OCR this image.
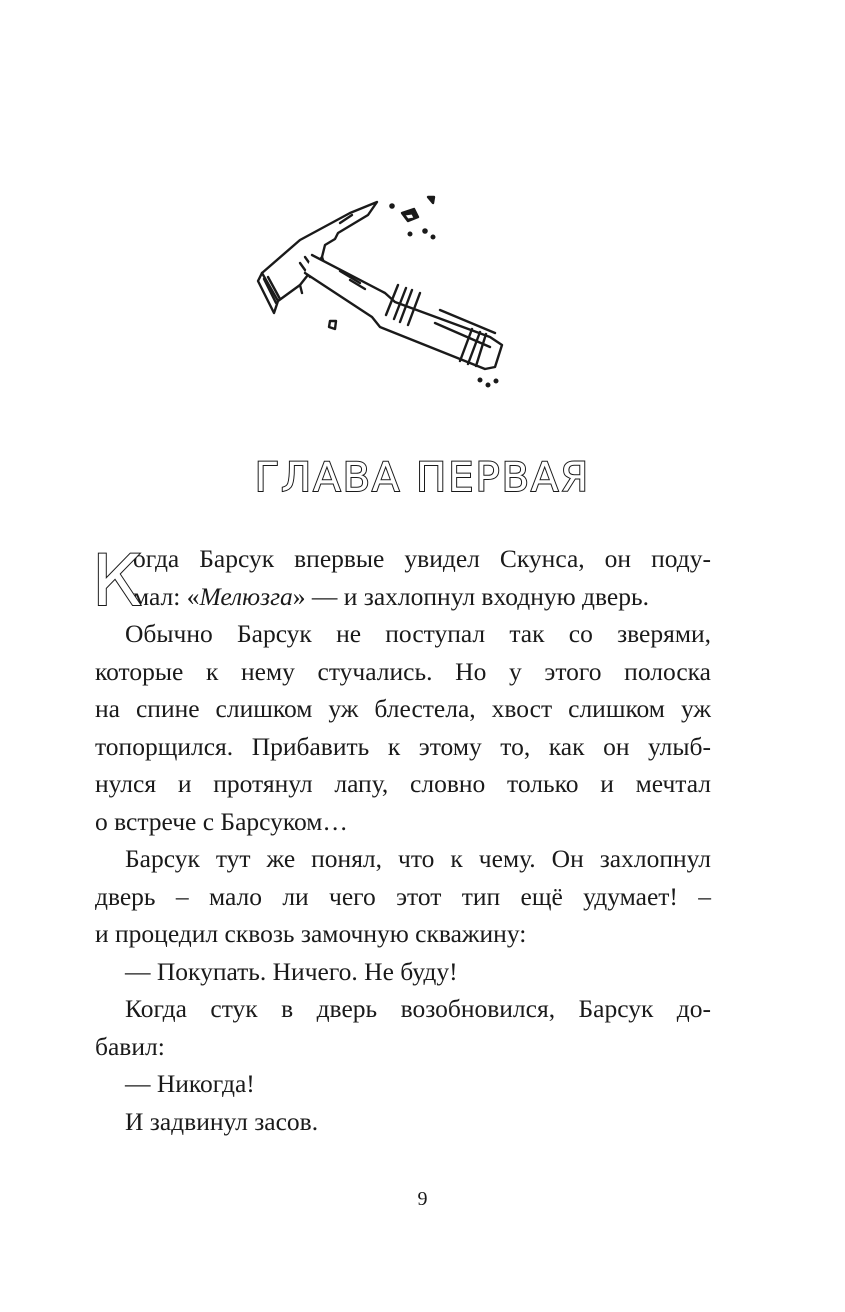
ГЛАВА ПЕРВАЯ
К
огда Барсук впервые увидел Скунса, он поду-
мал: «Мелюзга» — и захлопнул входную дверь.
Обычно Барсук не поступал так со зверями,
которые к нему стучались. Но у этого полоска
на спине слишком уж блестела, хвост слишком уж
топорщился. Прибавить к этому то, как он улыб-
нулся и протянул лапу, словно только и мечтал
о встрече с Барсуком…
Барсук тут же понял, что к чему. Он захлопнул
дверь – мало ли чего этот тип ещё удумает! –
и процедил сквозь замочную скважину:
— Покупать. Ничего. Не буду!
Когда стук в дверь возобновился, Барсук до-
бавил:
— Никогда!
И задвинул засов.
9
